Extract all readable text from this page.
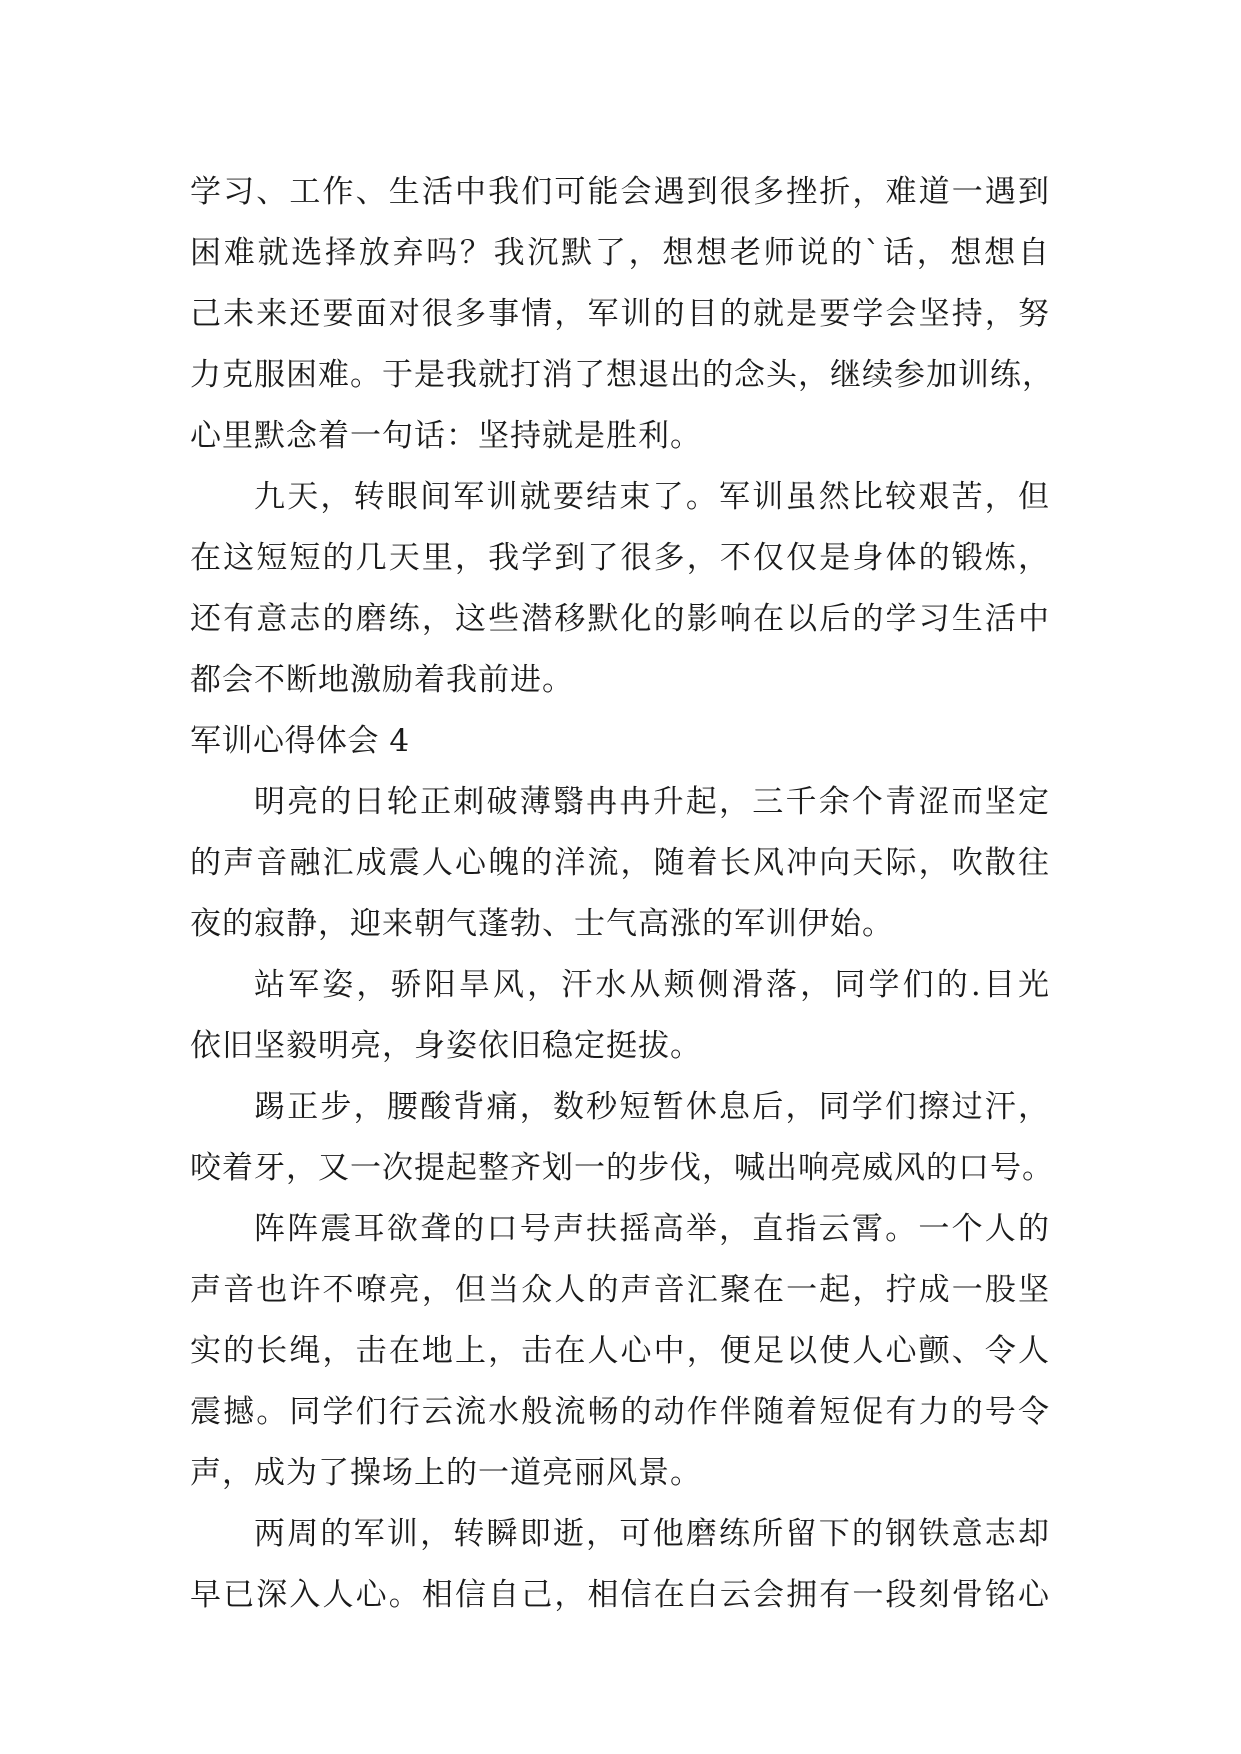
学习、工作、生活中我们可能会遇到很多挫折，难道一遇到
困难就选择放弃吗？我沉默了，想想老师说的`话，想想自
己未来还要面对很多事情，军训的目的就是要学会坚持，努
力克服困难。于是我就打消了想退出的念头，继续参加训练，
心里默念着一句话：坚持就是胜利。
九天，转眼间军训就要结束了。军训虽然比较艰苦，但
在这短短的几天里，我学到了很多，不仅仅是身体的锻炼，
还有意志的磨练，这些潜移默化的影响在以后的学习生活中
都会不断地激励着我前进。
军训心得体会 4
明亮的日轮正刺破薄翳冉冉升起，三千余个青涩而坚定
的声音融汇成震人心魄的洋流，随着长风冲向天际，吹散往
夜的寂静，迎来朝气蓬勃、士气高涨的军训伊始。
站军姿，骄阳旱风，汗水从颊侧滑落，同学们的.目光
依旧坚毅明亮，身姿依旧稳定挺拔。
踢正步，腰酸背痛，数秒短暂休息后，同学们擦过汗，
咬着牙，又一次提起整齐划一的步伐，喊出响亮威风的口号。
阵阵震耳欲聋的口号声扶摇高举，直指云霄。一个人的
声音也许不嘹亮，但当众人的声音汇聚在一起，拧成一股坚
实的长绳，击在地上，击在人心中，便足以使人心颤、令人
震撼。同学们行云流水般流畅的动作伴随着短促有力的号令
声，成为了操场上的一道亮丽风景。
两周的军训，转瞬即逝，可他磨练所留下的钢铁意志却
早已深入人心。相信自己，相信在白云会拥有一段刻骨铭心
